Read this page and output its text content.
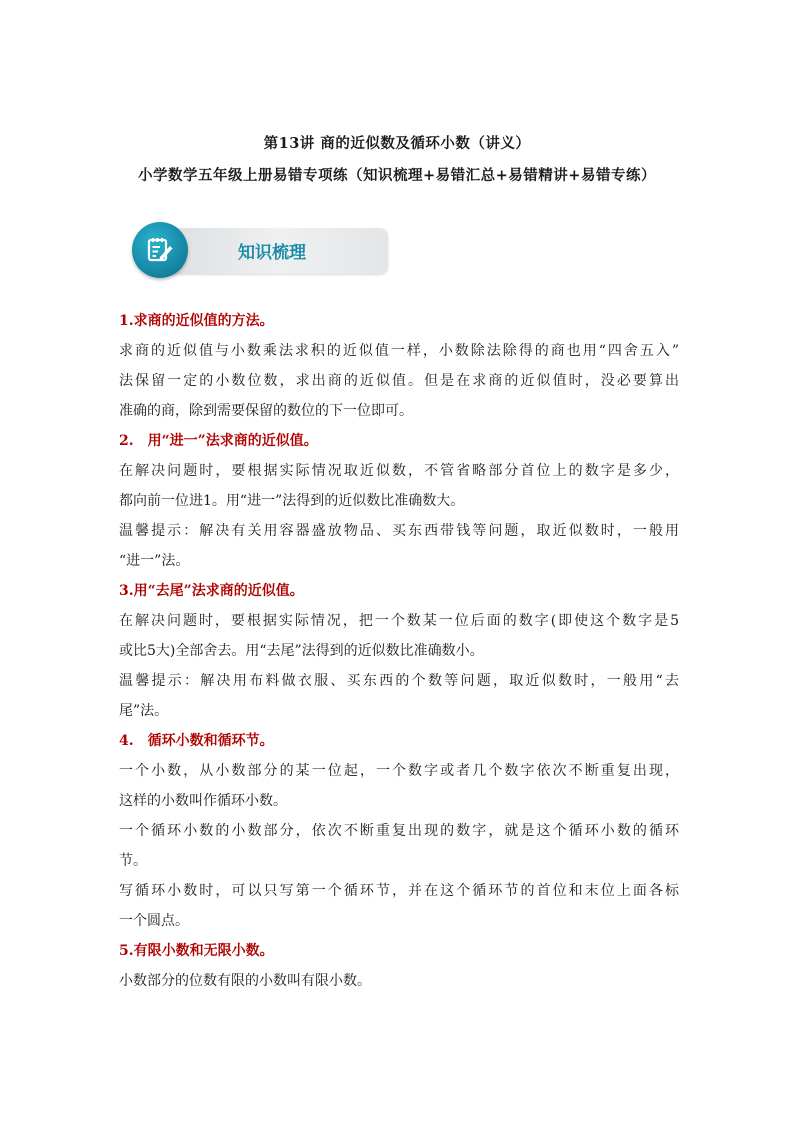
第13讲 商的近似数及循环小数（讲义）
小学数学五年级上册易错专项练（知识梳理+易错汇总+易错精讲+易错专练）
知识梳理
1.求商的近似值的方法。
求商的近似值与小数乘法求积的近似值一样，小数除法除得的商也用“四舍五入”
法保留一定的小数位数，求出商的近似值。但是在求商的近似值时，没必要算出
准确的商，除到需要保留的数位的下一位即可。
2.　用“进一”法求商的近似值。
在解决问题时，要根据实际情况取近似数，不管省略部分首位上的数字是多少，
都向前一位进1。用“进一”法得到的近似数比准确数大。
温馨提示：解决有关用容器盛放物品、买东西带钱等问题，取近似数时，一般用
“进一”法。
3.用“去尾”法求商的近似值。
在解决问题时，要根据实际情况，把一个数某一位后面的数字(即使这个数字是5
或比5大)全部舍去。用“去尾”法得到的近似数比准确数小。
温馨提示：解决用布料做衣服、买东西的个数等问题，取近似数时，一般用“去
尾”法。
4.　循环小数和循环节。
一个小数，从小数部分的某一位起，一个数字或者几个数字依次不断重复出现，
这样的小数叫作循环小数。
一个循环小数的小数部分，依次不断重复出现的数字，就是这个循环小数的循环
节。
写循环小数时，可以只写第一个循环节，并在这个循环节的首位和末位上面各标
一个圆点。
5.有限小数和无限小数。
小数部分的位数有限的小数叫有限小数。
